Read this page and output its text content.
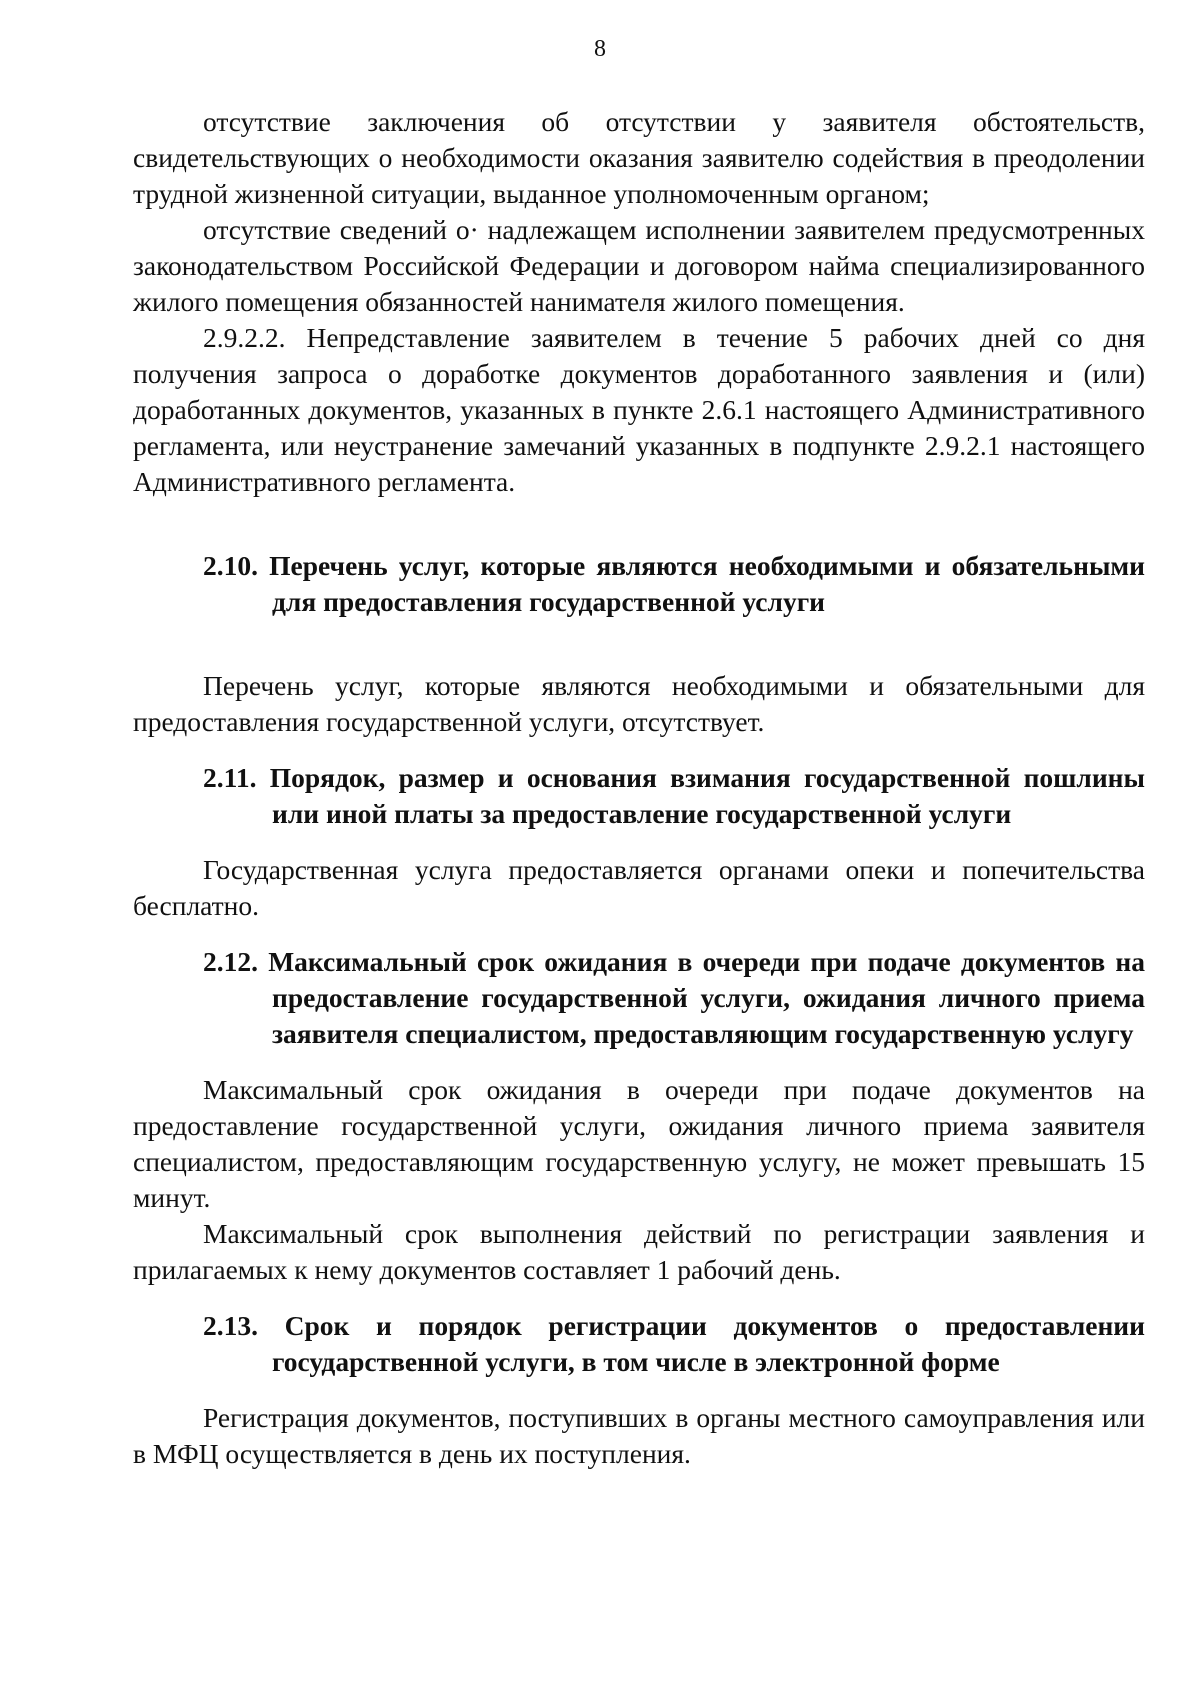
8

отсутствие заключения об отсутствии у заявителя обстоятельств, свидетельствующих о необходимости оказания заявителю содействия в преодолении трудной жизненной ситуации, выданное уполномоченным органом;

отсутствие сведений о· надлежащем исполнении заявителем предусмотренных законодательством Российской Федерации и договором найма специализированного жилого помещения обязанностей нанимателя жилого помещения.

2.9.2.2. Непредставление заявителем в течение 5 рабочих дней со дня получения запроса о доработке документов доработанного заявления и (или) доработанных документов, указанных в пункте 2.6.1 настоящего Административного регламента, или неустранение замечаний указанных в подпункте 2.9.2.1 настоящего Административного регламента.

2.10. Перечень услуг, которые являются необходимыми и обязательными для предоставления государственной услуги

Перечень услуг, которые являются необходимыми и обязательными для предоставления государственной услуги, отсутствует.

2.11. Порядок, размер и основания взимания государственной пошлины или иной платы за предоставление государственной услуги

Государственная услуга предоставляется органами опеки и попечительства бесплатно.

2.12. Максимальный срок ожидания в очереди при подаче документов на предоставление государственной услуги, ожидания личного приема заявителя специалистом, предоставляющим государственную услугу

Максимальный срок ожидания в очереди при подаче документов на предоставление государственной услуги, ожидания личного приема заявителя специалистом, предоставляющим государственную услугу, не может превышать 15 минут.

Максимальный срок выполнения действий по регистрации заявления и прилагаемых к нему документов составляет 1 рабочий день.

2.13. Срок и порядок регистрации документов о предоставлении государственной услуги, в том числе в электронной форме

Регистрация документов, поступивших в органы местного самоуправления или в МФЦ осуществляется в день их поступления.
